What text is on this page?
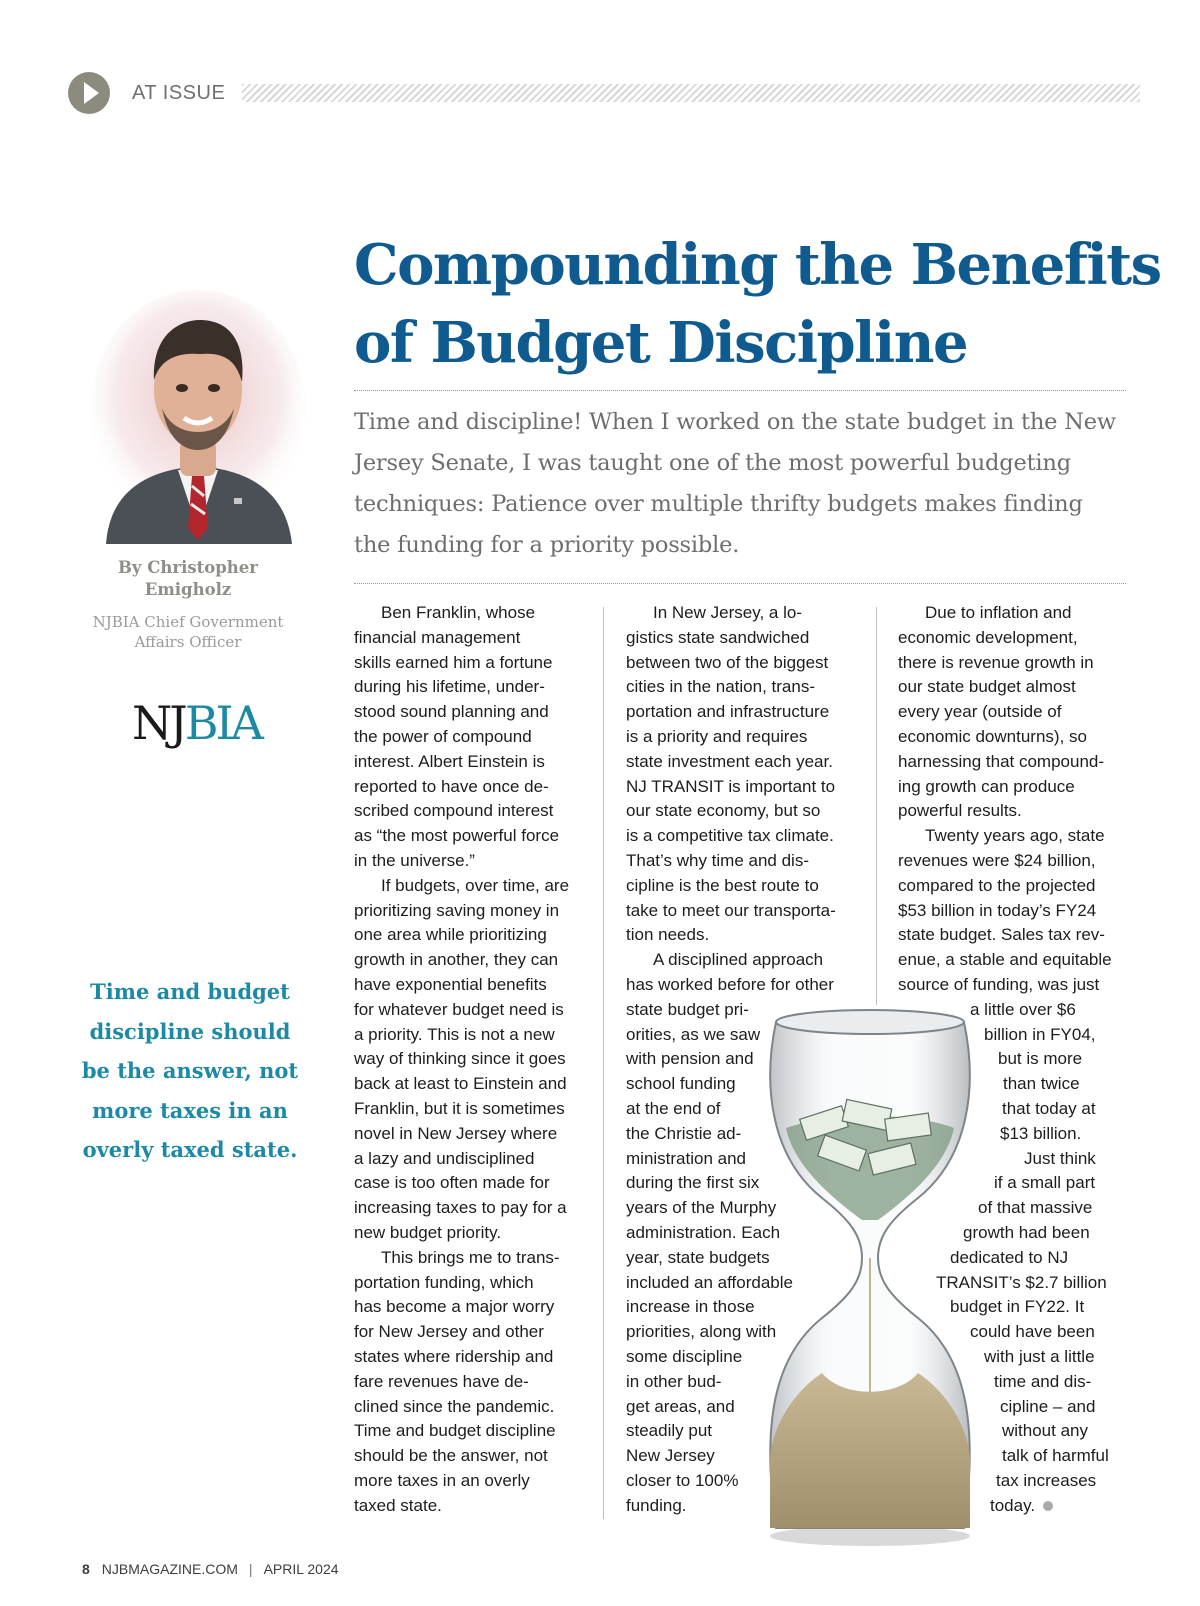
AT ISSUE
Compounding the Benefits
of Budget Discipline

Time and discipline! When I worked on the state budget in the New Jersey Senate, I was taught one of the most powerful budgeting techniques: Patience over multiple thrifty budgets makes finding the funding for a priority possible.

By Christopher
Emigholz
NJBIA Chief Government
Affairs Officer
NJBIA
Time and budget
discipline should
be the answer, not
more taxes in an
overly taxed state.

Ben Franklin, whose
financial management
skills earned him a fortune
during his lifetime, under-
stood sound planning and
the power of compound
interest. Albert Einstein is
reported to have once de-
scribed compound interest
as “the most powerful force
in the universe.”

If budgets, over time, are
prioritizing saving money in
one area while prioritizing
growth in another, they can
have exponential benefits
for whatever budget need is
a priority. This is not a new
way of thinking since it goes
back at least to Einstein and
Franklin, but it is sometimes
novel in New Jersey where
a lazy and undisciplined
case is too often made for
increasing taxes to pay for a
new budget priority.

This brings me to trans-
portation funding, which
has become a major worry
for New Jersey and other
states where ridership and
fare revenues have de-
clined since the pandemic.
Time and budget discipline
should be the answer, not
more taxes in an overly
taxed state.

In New Jersey, a lo-
gistics state sandwiched
between two of the biggest
cities in the nation, trans-
portation and infrastructure
is a priority and requires
state investment each year.
NJ TRANSIT is important to
our state economy, but so
is a competitive tax climate.
That’s why time and dis-
cipline is the best route to
take to meet our transporta-
tion needs.

A disciplined approach
has worked before for other
state budget pri-
orities, as we saw
with pension and
school funding
at the end of
the Christie ad-
ministration and
during the first six
years of the Murphy
administration. Each
year, state budgets
included an affordable
increase in those
priorities, along with
some discipline
in other bud-
get areas, and
steadily put
New Jersey
closer to 100%
funding.

Due to inflation and
economic development,
there is revenue growth in
our state budget almost
every year (outside of
economic downturns), so
harnessing that compound-
ing growth can produce
powerful results.

Twenty years ago, state
revenues were $24 billion,
compared to the projected
$53 billion in today’s FY24
state budget. Sales tax rev-
enue, a stable and equitable
source of funding, was just
a little over $6
billion in FY04,
but is more
than twice
that today at
$13 billion.

Just think
if a small part
of that massive
growth had been
dedicated to NJ
TRANSIT’s $2.7 billion
budget in FY22. It
could have been
with just a little
time and dis-
cipline – and
without any
talk of harmful
tax increases
today.

8 NJBMAGAZINE.COM | APRIL 2024
